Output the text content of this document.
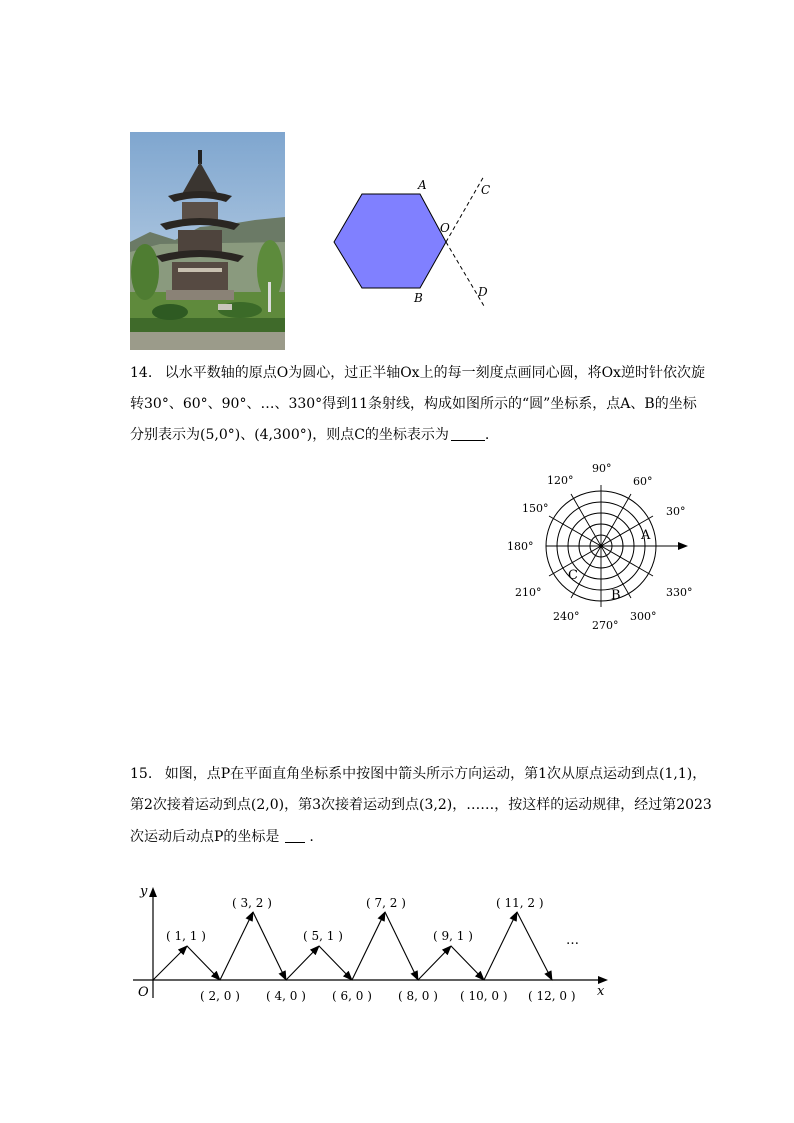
A
B
C
D
O
14. 以水平数轴的原点O为圆心，过正半轴Ox上的每一刻度点画同心圆，将Ox逆时针依次旋
转30°、60°、90°、…、330°得到11条射线，构成如图所示的“圆”坐标系，点A、B的坐标
分别表示为(5,0°)、(4,300°)，则点C的坐标表示为	.
30°
60°
90°
120°
150°
180°
210°
240°
270°
300°
330°
A
B
C
15. 如图，点P在平面直角坐标系中按图中箭头所示方向运动，第1次从原点运动到点(1,1)，
第2次接着运动到点(2,0)，第3次接着运动到点(3,2)，……，按这样的运动规律，经过第2023
次运动后动点P的坐标是 .
x
y
O
( 1, 1 )
( 3, 2 )
( 5, 1 )
( 7, 2 )
( 9, 1 )
( 11, 2 )
…
( 2, 0 ) ( 4, 0 ) ( 6, 0 ) ( 8, 0 ) ( 10, 0 ) ( 12, 0 )
